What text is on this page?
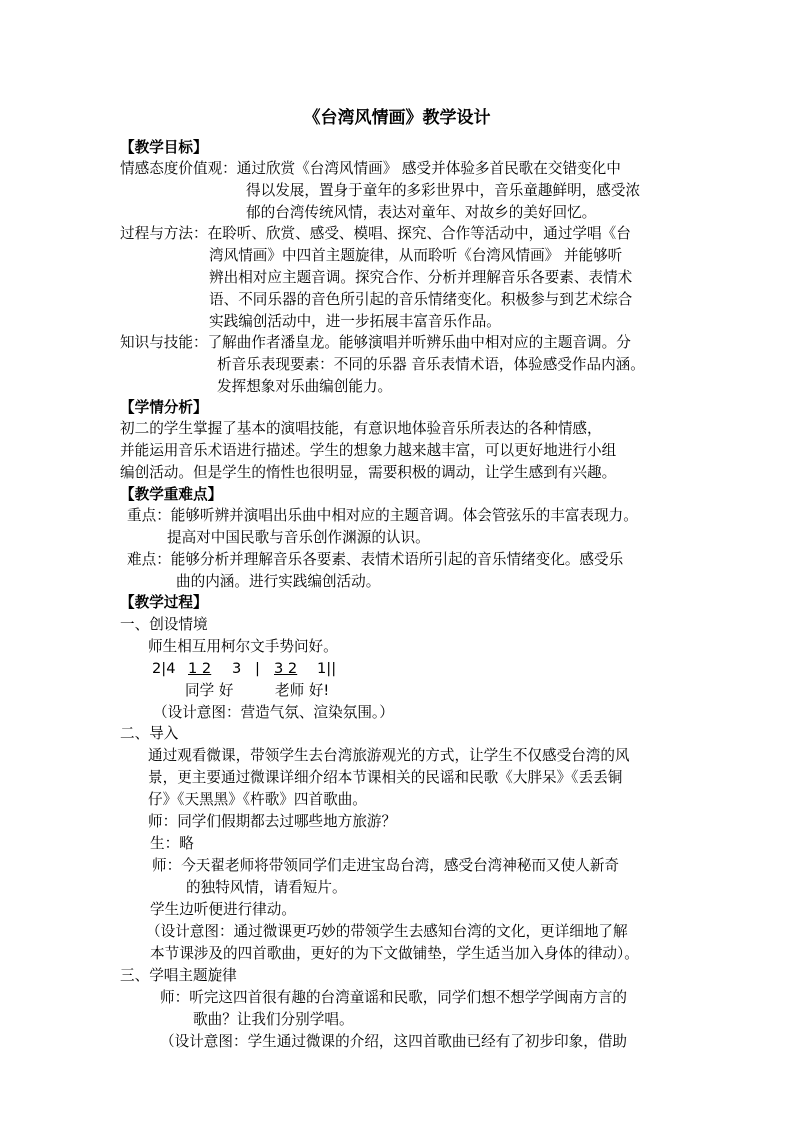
《台湾风情画》教学设计
【教学目标】
情感态度价值观：通过欣赏《台湾风情画》 感受并体验多首民歌在交错变化中
得以发展，置身于童年的多彩世界中，音乐童趣鲜明，感受浓
郁的台湾传统风情，表达对童年、对故乡的美好回忆。
过程与方法：在聆听、欣赏、感受、模唱、探究、合作等活动中，通过学唱《台
湾风情画》中四首主题旋律，从而聆听《台湾风情画》 并能够听
辨出相对应主题音调。探究合作、分析并理解音乐各要素、表情术
语、不同乐器的音色所引起的音乐情绪变化。积极参与到艺术综合
实践编创活动中，进一步拓展丰富音乐作品。
知识与技能：了解曲作者潘皇龙。能够演唱并听辨乐曲中相对应的主题音调。分
析音乐表现要素：不同的乐器 音乐表情术语，体验感受作品内涵。
发挥想象对乐曲编创能力。
【学情分析】
初二的学生掌握了基本的演唱技能，有意识地体验音乐所表达的各种情感，
并能运用音乐术语进行描述。学生的想象力越来越丰富，可以更好地进行小组
编创活动。但是学生的惰性也很明显，需要积极的调动，让学生感到有兴趣。
【教学重难点】
重点：能够听辨并演唱出乐曲中相对应的主题音调。体会管弦乐的丰富表现力。
提高对中国民歌与音乐创作渊源的认识。
难点：能够分析并理解音乐各要素、表情术语所引起的音乐情绪变化。感受乐
曲的内涵。进行实践编创活动。
【教学过程】
一、创设情境
师生相互用柯尔文手势问好。
2|4 1 2 3 | 3 2 1||
同学 好	老师 好!
（设计意图：营造气氛、渲染氛围。）
二、导入
通过观看微课，带领学生去台湾旅游观光的方式，让学生不仅感受台湾的风
景，更主要通过微课详细介绍本节课相关的民谣和民歌《大胖呆》《丢丢铜
仔》《天黑黑》《杵歌》四首歌曲。
师：同学们假期都去过哪些地方旅游？
生：略
师：今天翟老师将带领同学们走进宝岛台湾，感受台湾神秘而又使人新奇
的独特风情，请看短片。
学生边听便进行律动。
（设计意图：通过微课更巧妙的带领学生去感知台湾的文化，更详细地了解
本节课涉及的四首歌曲，更好的为下文做铺垫，学生适当加入身体的律动）。
三、学唱主题旋律
师：听完这四首很有趣的台湾童谣和民歌，同学们想不想学学闽南方言的
歌曲？让我们分别学唱。
（设计意图：学生通过微课的介绍，这四首歌曲已经有了初步印象，借助
